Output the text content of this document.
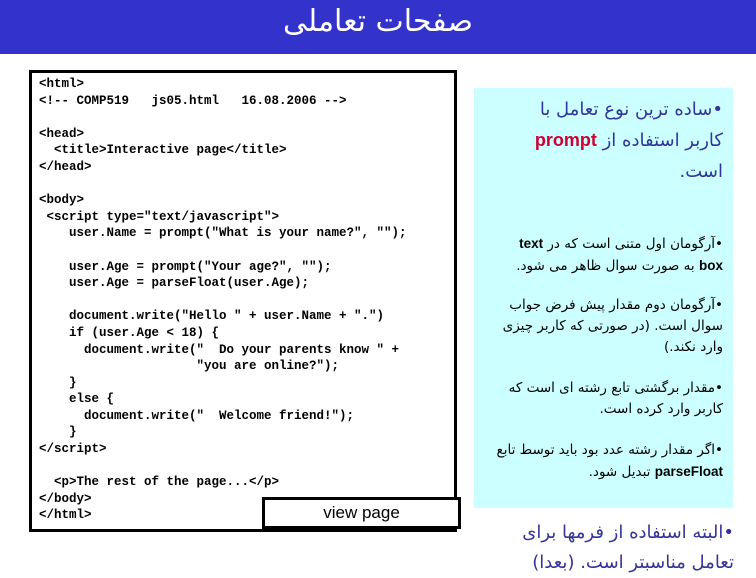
صفحات تعاملی
<html>
<!-- COMP519   js05.html   16.08.2006 -->

<head>
<title>Interactive page</title>
</head>

<body>
<script type="text/javascript">
user.Name = prompt("What is your name?", "");

user.Age = prompt("Your age?", "");
user.Age = parseFloat(user.Age);

document.write("Hello " + user.Name + ".")
if (user.Age < 18) {
document.write("  Do your parents know " +
"you are online?");
}
else {
document.write("  Welcome friend!");
}
</script>

<p>The rest of the page...</p>
</body>
</html>	view page
•ساده ترین نوع تعامل با کاربر استفاده از prompt است.
•آرگومان اول متنی است که در text box به صورت سوال ظاهر می شود.
•آرگومان دوم مقدار پیش فرض جواب سوال است. (در صورتی که کاربر چیزی وارد نکند.)
•مقدار برگشتی تابع رشته ای است که کاربر وارد کرده است.
•اگر مقدار رشته عدد بود باید توسط تابع parseFloat تبدیل شود.
•البته استفاده از فرمها برای تعامل مناسبتر است. (بعدا)
